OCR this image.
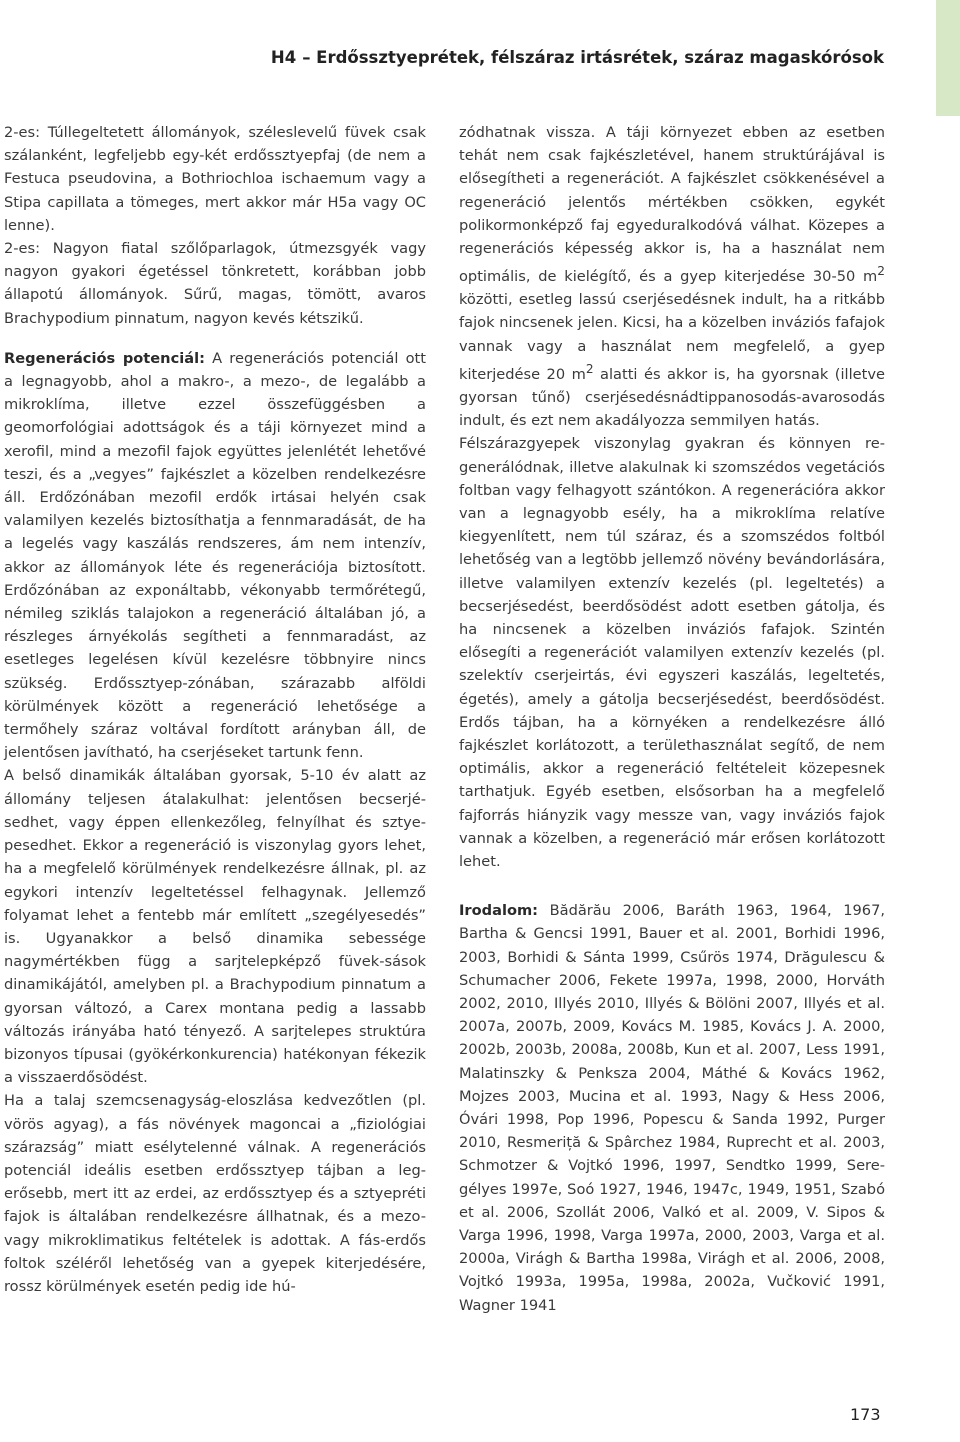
H4 – Erdőssztyeprétek, félszáraz irtásrétek, száraz magaskórósok

2-es: Túllegeltetett állományok, széleslevelű füvek csak szálanként, legfeljebb egy-két erdőssztyepfaj (de nem a Festuca pseudovina, a Bothriochloa ischaemum vagy a Stipa capillata a tömeges, mert akkor már H5a vagy OC lenne).

2-es: Nagyon fiatal szőlőparlagok, útmezsgyék vagy nagyon gyakori égetéssel tönkretett, korábban jobb állapotú állományok. Sűrű, magas, tömött, avaros Brachypodium pinnatum, nagyon kevés kétszikű.

Regenerációs potenciál: A regenerációs potenciál ott a legnagyobb, ahol a makro-, a mezo-, de legalább a mikroklíma, illetve ezzel összefüggésben a geomorfológiai adottságok és a táji környezet mind a xerofil, mind a mezofil fajok együttes jelenlétét lehetővé teszi, és a „vegyes” fajkészlet a közelben rendelkezésre áll. Erdőzónában mezofil erdők irtásai helyén csak valamilyen kezelés biztosíthatja a fennmaradását, de ha a legelés vagy kaszálás rendszeres, ám nem intenzív, akkor az állományok léte és regenerációja biztosított. Erdőzónában az exponáltabb, vékonyabb termőrétegű, némileg sziklás talajokon a regeneráció általában jó, a részleges árnyékolás segítheti a fennmaradást, az esetleges legelésen kívül kezelésre többnyire nincs szükség. Erdőssztyep-zónában, szárazabb alföldi körülmények között a regeneráció lehetősége a termőhely száraz voltával fordított arányban áll, de jelentősen javítható, ha cserjéseket tartunk fenn.

A belső dinamikák általában gyorsak, 5-10 év alatt az állomány teljesen átalakulhat: jelentősen becserjésedhet, vagy éppen ellenkezőleg, felnyílhat és sztyepesedhet. Ekkor a regeneráció is viszonylag gyors lehet, ha a megfelelő körülmények rendelkezésre állnak, pl. az egykori intenzív legeltetéssel felhagynak. Jellemző folyamat lehet a fentebb már említett „szegélyesedés” is. Ugyanakkor a belső dinamika sebessége nagymértékben függ a sarjtelepképző füvek-sások dinamikájától, amelyben pl. a Brachypodium pinnatum a gyorsan változó, a Carex montana pedig a lassabb változás irányába ható tényező. A sarjtelepes struktúra bizonyos típusai (gyökérkonkurencia) hatékonyan fékezik a visszaerdősödést.

Ha a talaj szemcsenagyság-eloszlása kedvezőtlen (pl. vörös agyag), a fás növények magoncai a „fiziológiai szárazság” miatt esélytelenné válnak. A regenerációs potenciál ideális esetben erdőssztyep tájban a legerősebb, mert itt az erdei, az erdőssztyep és a sztyepréti fajok is általában rendelkezésre állhatnak, és a mezo- vagy mikroklimatikus feltételek is adottak. A fás-erdős foltok széléről lehetőség van a gyepek kiterjedésére, rossz körülmények esetén pedig ide hú-

zódhatnak vissza. A táji környezet ebben az esetben tehát nem csak fajkészletével, hanem struktúrájával is elősegítheti a regenerációt. A fajkészlet csökkenésével a regeneráció jelentős mértékben csökken, egykét polikormonképző faj egyeduralkodóvá válhat. Közepes a regenerációs képesség akkor is, ha a használat nem optimális, de kielégítő, és a gyep kiterjedése 30-50 $m^2$ közötti, esetleg lassú cserjésedésnek indult, ha a ritkább fajok nincsenek jelen. Kicsi, ha a közelben inváziós fafajok vannak vagy a használat nem megfelelő, a gyep kiterjedése 20 $m^2$ alatti és akkor is, ha gyorsnak (illetve gyorsan tűnő) cserjésedésnádtippanosodás-avarosodás indult, és ezt nem akadályozza semmilyen hatás.

Félszárazgyepek viszonylag gyakran és könnyen regenerálódnak, illetve alakulnak ki szomszédos vegetációs foltban vagy felhagyott szántókon. A regenerációra akkor van a legnagyobb esély, ha a mikroklíma relatíve kiegyenlített, nem túl száraz, és a szomszédos foltból lehetőség van a legtöbb jellemző növény bevándorlására, illetve valamilyen extenzív kezelés (pl. legeltetés) a becserjésedést, beerdősödést adott esetben gátolja, és ha nincsenek a közelben inváziós fafajok. Szintén elősegíti a regenerációt valamilyen extenzív kezelés (pl. szelektív cserjeirtás, évi egyszeri kaszálás, legeltetés, égetés), amely a gátolja becserjésedést, beerdősödést. Erdős tájban, ha a környéken a rendelkezésre álló fajkészlet korlátozott, a területhasználat segítő, de nem optimális, akkor a regeneráció feltételeit közepesnek tarthatjuk. Egyéb esetben, elsősorban ha a megfelelő fajforrás hiányzik vagy messze van, vagy inváziós fajok vannak a közelben, a regeneráció már erősen korlátozott lehet.

Irodalom: Bădărău 2006, Baráth 1963, 1964, 1967, Bartha & Gencsi 1991, Bauer et al. 2001, Borhidi 1996, 2003, Borhidi & Sánta 1999, Csűrös 1974, Drăgulescu & Schumacher 2006, Fekete 1997a, 1998, 2000, Horváth 2002, 2010, Illyés 2010, Illyés & Bölöni 2007, Illyés et al. 2007a, 2007b, 2009, Kovács M. 1985, Kovács J. A. 2000, 2002b, 2003b, 2008a, 2008b, Kun et al. 2007, Less 1991, Malatinszky & Penksza 2004, Máthé & Kovács 1962, Mojzes 2003, Mucina et al. 1993, Nagy & Hess 2006, Óvári 1998, Pop 1996, Popescu & Sanda 1992, Purger 2010, Resmeriță & Spârchez 1984, Ruprecht et al. 2003, Schmotzer & Vojtkó 1996, 1997, Sendtko 1999, Seregélyes 1997e, Soó 1927, 1946, 1947c, 1949, 1951, Szabó et al. 2006, Szollát 2006, Valkó et al. 2009, V. Sipos & Varga 1996, 1998, Varga 1997a, 2000, 2003, Varga et al. 2000a, Virágh & Bartha 1998a, Virágh et al. 2006, 2008, Vojtkó 1993a, 1995a, 1998a, 2002a, Vučković 1991, Wagner 1941

173
